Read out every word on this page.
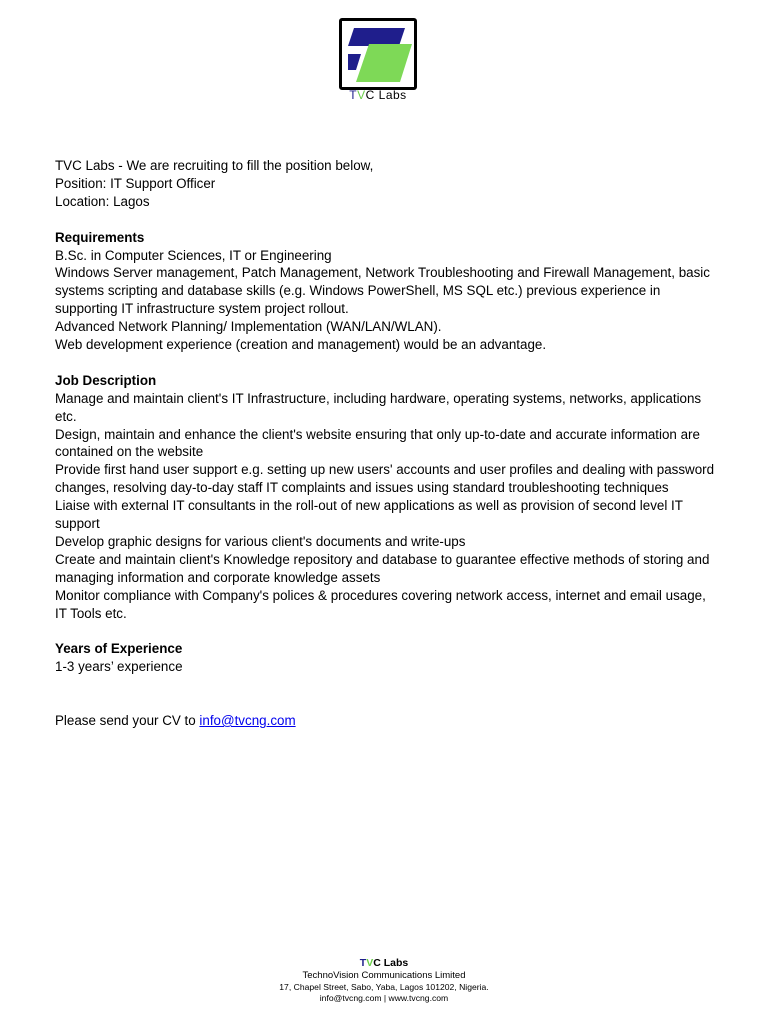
TVC Labs

TVC Labs - We are recruiting to fill the position below,

Position: IT Support Officer

Location: Lagos

Requirements

B.Sc. in Computer Sciences, IT or Engineering

Windows Server management, Patch Management, Network Troubleshooting and Firewall Management, basic systems scripting and database skills (e.g. Windows PowerShell, MS SQL etc.) previous experience in supporting IT infrastructure system project rollout.

Advanced Network Planning/ Implementation (WAN/LAN/WLAN).

Web development experience (creation and management) would be an advantage.

Job Description

Manage and maintain client's IT Infrastructure, including hardware, operating systems, networks, applications etc.

Design, maintain and enhance the client's website ensuring that only up-to-date and accurate information are contained on the website

Provide first hand user support e.g. setting up new users' accounts and user profiles and dealing with password changes, resolving day-to-day staff IT complaints and issues using standard troubleshooting techniques

Liaise with external IT consultants in the roll-out of new applications as well as provision of second level IT support

Develop graphic designs for various client's documents and write-ups

Create and maintain client's Knowledge repository and database to guarantee effective methods of storing and managing information and corporate knowledge assets

Monitor compliance with Company's polices & procedures covering network access, internet and email usage, IT Tools etc.

Years of Experience

1-3 years’ experience

Please send your CV to info@tvcng.com

TVC Labs
TechnoVision Communications Limited
17, Chapel Street, Sabo, Yaba, Lagos 101202, Nigeria.
info@tvcng.com | www.tvcng.com
